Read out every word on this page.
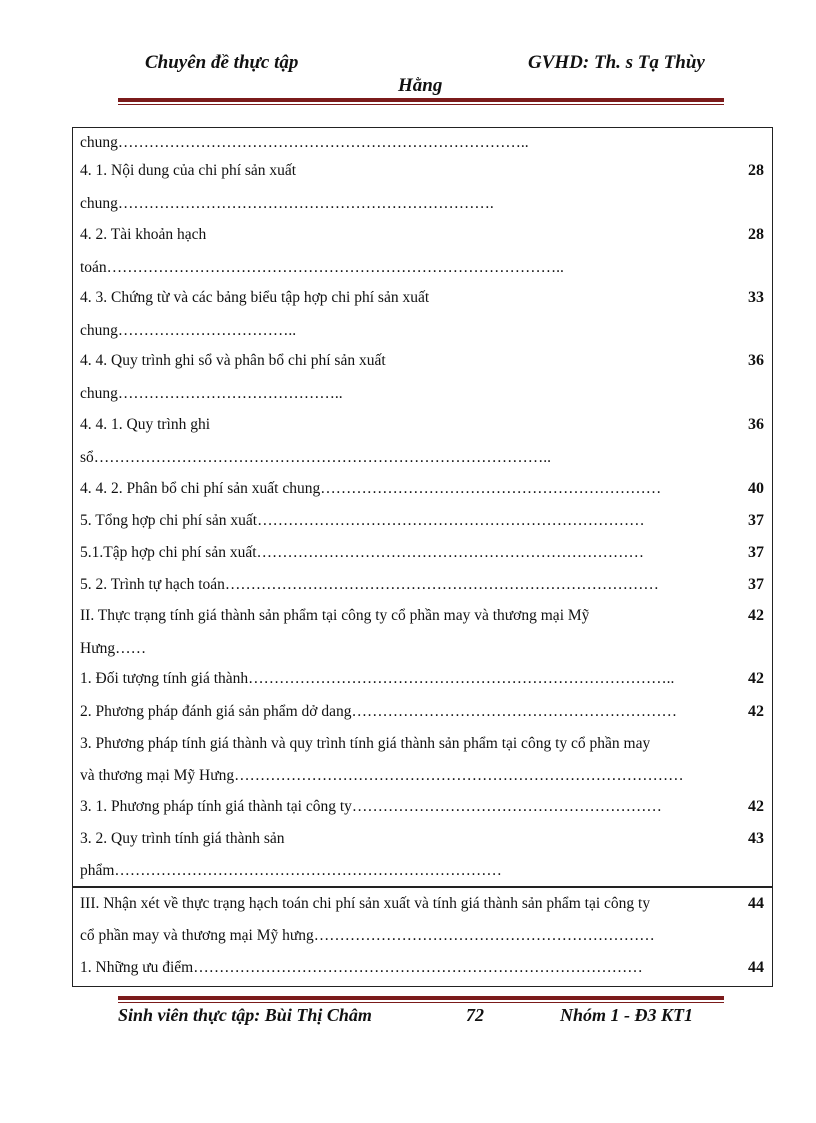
Chuyên đề thực tập	GVHD: Th. s Tạ Thùy
Hằng
chung……………………………………………………………………..
4. 1. Nội dung của chi phí sản xuất	28
chung……………………………………………………………….
4. 2. Tài khoản hạch	28
toán……………………………………………………………………………..
4. 3. Chứng từ và các bảng biểu tập hợp chi phí sản xuất	33
chung……………………………..
4. 4. Quy trình ghi sổ và phân bổ chi phí sản xuất	36
chung……………………………………..
4. 4. 1. Quy trình ghi	36
sổ……………………………………………………………………………..
4. 4. 2. Phân bổ chi phí sản xuất chung…………………………………………………………	40
5. Tổng hợp chi phí sản xuất…………………………………………………………………	37
5.1.Tập hợp chi phí sản xuất…………………………………………………………………	37
5. 2. Trình tự hạch toán…………………………………………………………………………	37
II. Thực trạng tính giá thành sản phẩm tại công ty cổ phần may và thương mại Mỹ	42
Hưng……
1. Đối tượng tính giá thành………………………………………………………………………..	42
2. Phương pháp đánh giá sản phẩm dở dang………………………………………………………	42
3. Phương pháp tính giá thành và quy trình tính giá thành sản phẩm tại công ty cổ phần may
và thương mại Mỹ Hưng……………………………………………………………………………
3. 1. Phương pháp tính giá thành tại công ty……………………………………………………	42
3. 2. Quy trình tính giá thành sản	43
phẩm…………………………………………………………………
III. Nhận xét về thực trạng hạch toán chi phí sản xuất và tính giá thành sản phẩm tại công ty	44
cổ phần may và thương mại Mỹ hưng…………………………………………………………
1. Những ưu điểm……………………………………………………………………………	44
Sinh viên thực tập: Bùi Thị Châm	72	Nhóm 1 - Đ3 KT1
